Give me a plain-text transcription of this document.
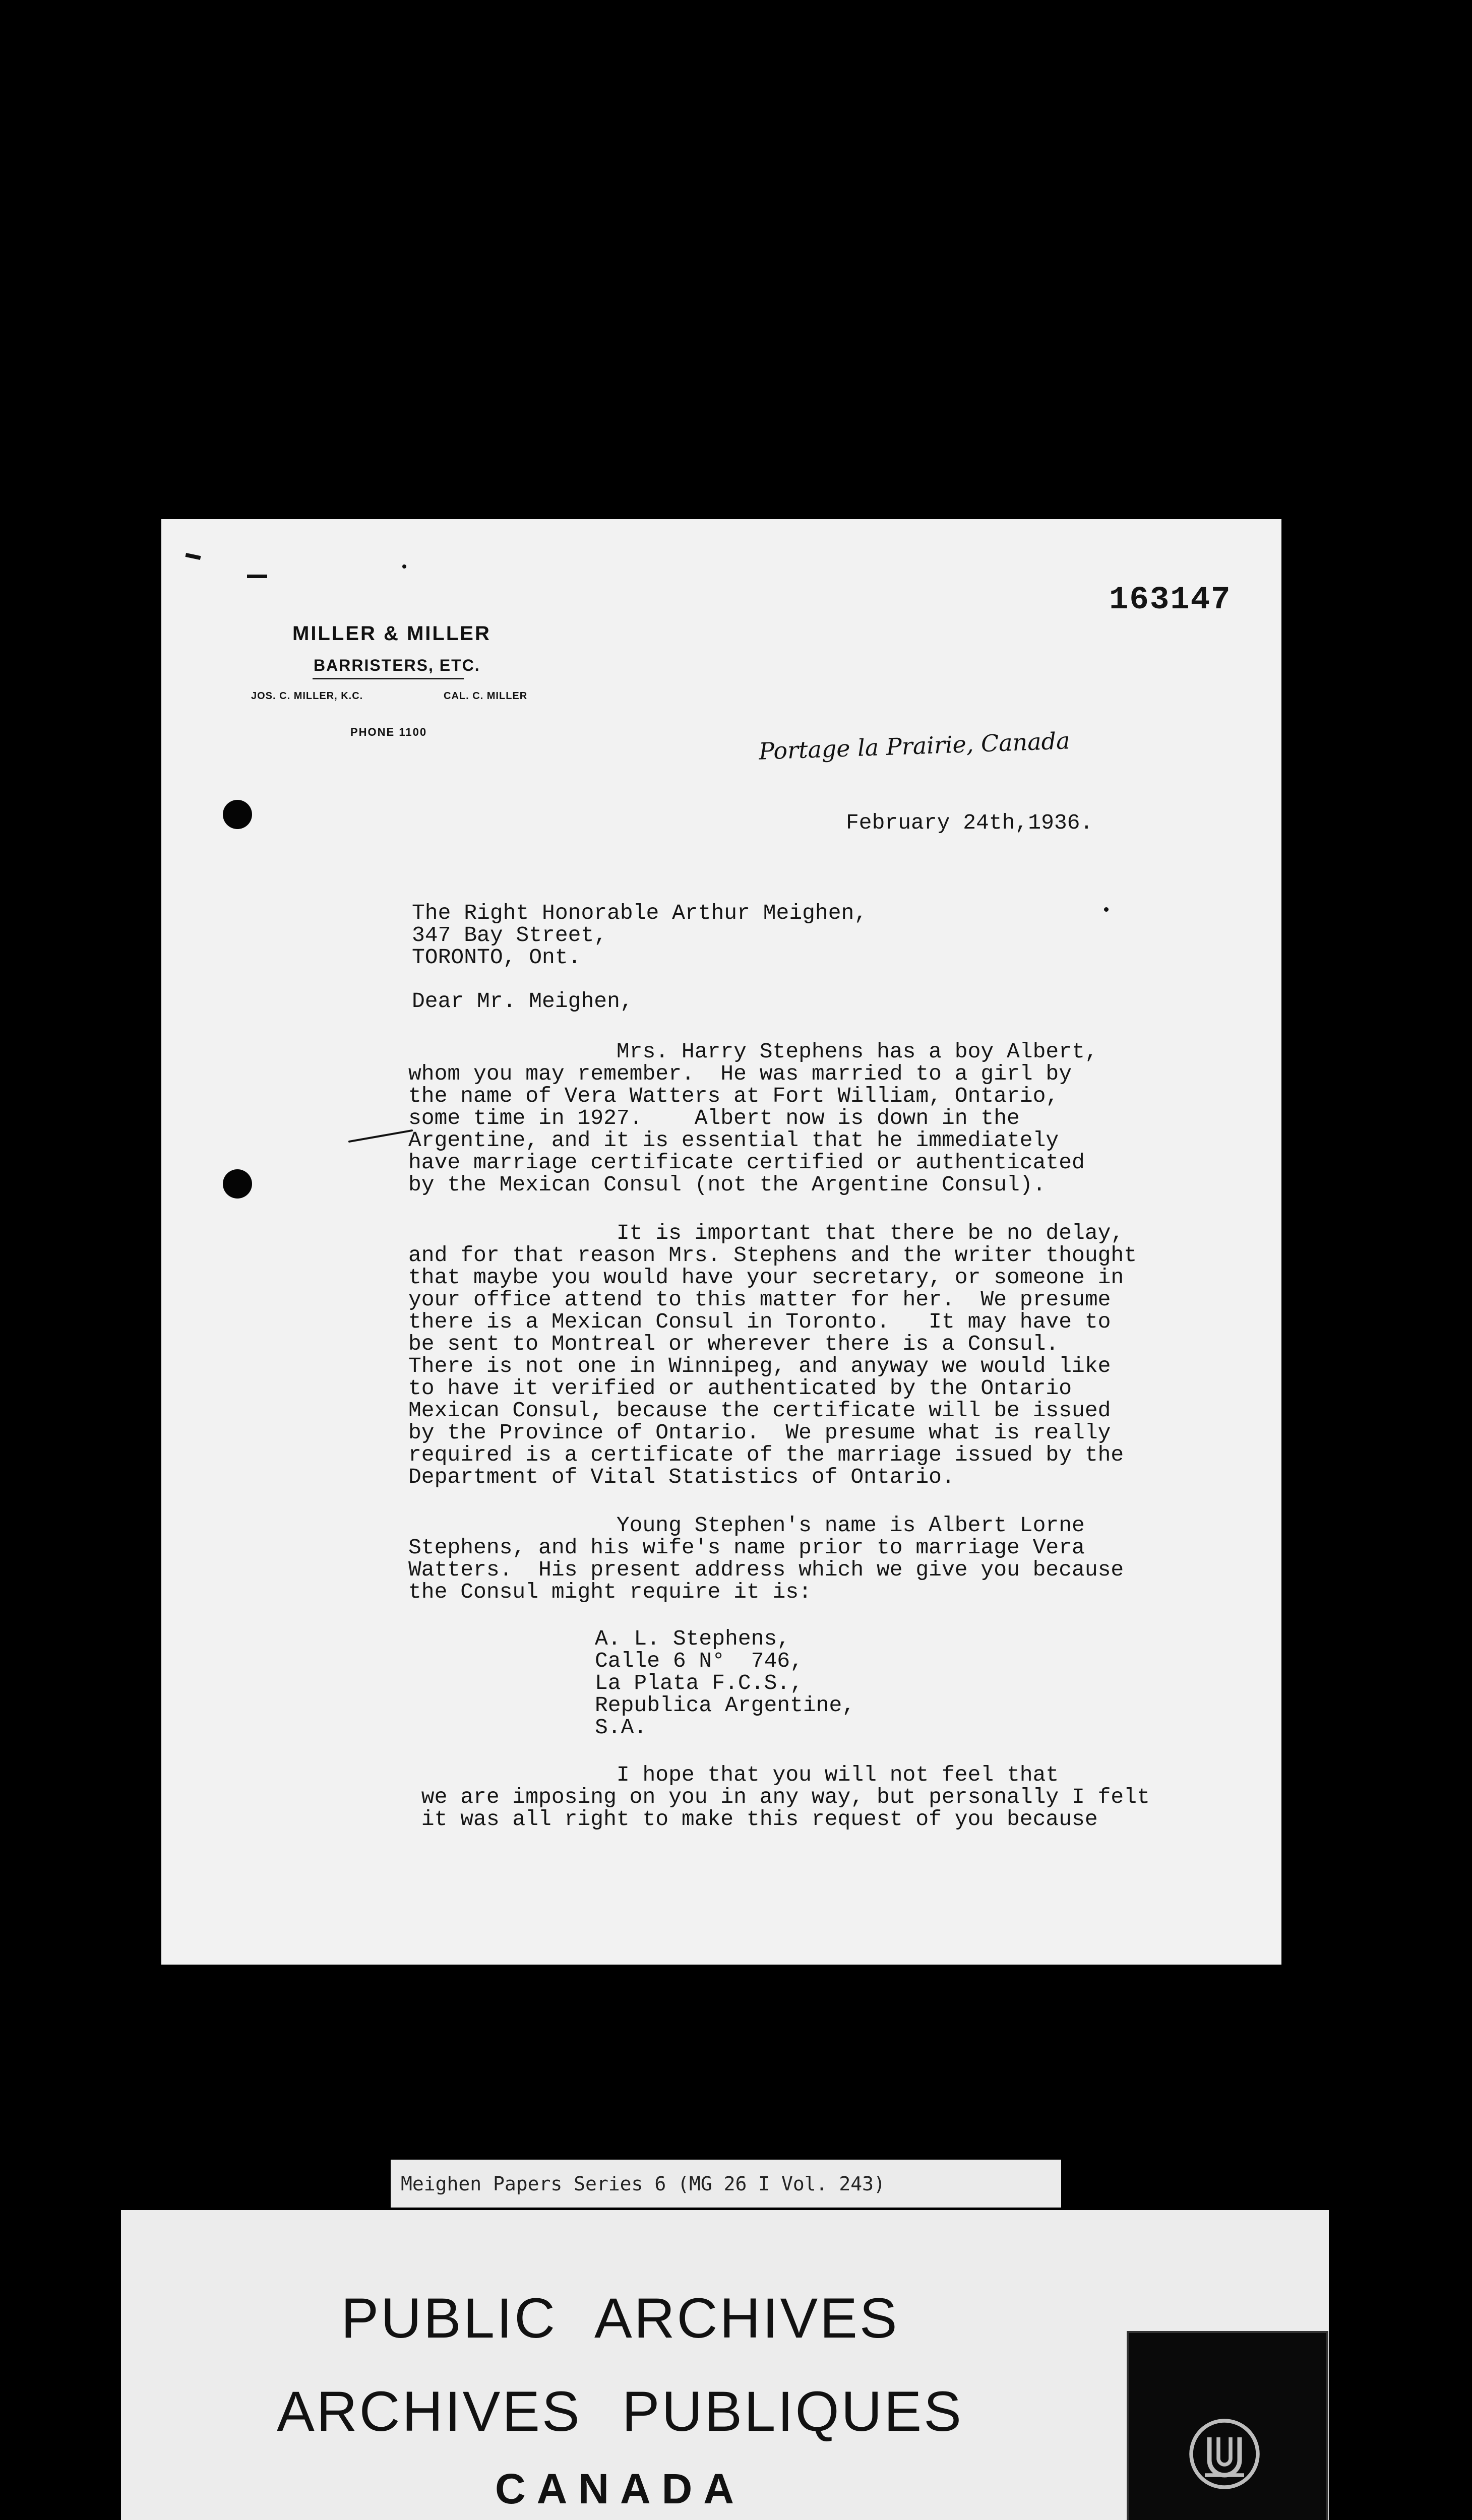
163147
MILLER & MILLER
BARRISTERS, ETC.
JOS. C. MILLER, K.C.	CAL. C. MILLER
PHONE 1100	Portage la Prairie, Canada
February 24th,1936.
The Right Honorable Arthur Meighen,
347 Bay Street,
TORONTO, Ont.
Dear Mr. Meighen,
Mrs. Harry Stephens has a boy Albert,
whom you may remember.  He was married to a girl by
the name of Vera Watters at Fort William, Ontario,
some time in 1927.    Albert now is down in the
Argentine, and it is essential that he immediately
have marriage certificate certified or authenticated
by the Mexican Consul (not the Argentine Consul).
It is important that there be no delay,
and for that reason Mrs. Stephens and the writer thought
that maybe you would have your secretary, or someone in
your office attend to this matter for her.  We presume
there is a Mexican Consul in Toronto.   It may have to
be sent to Montreal or wherever there is a Consul.
There is not one in Winnipeg, and anyway we would like
to have it verified or authenticated by the Ontario
Mexican Consul, because the certificate will be issued
by the Province of Ontario.  We presume what is really
required is a certificate of the marriage issued by the
Department of Vital Statistics of Ontario.
Young Stephen's name is Albert Lorne
Stephens, and his wife's name prior to marriage Vera
Watters.  His present address which we give you because
the Consul might require it is:
A. L. Stephens,
Calle 6 N°  746,
La Plata F.C.S.,
Republica Argentine,
S.A.
I hope that you will not feel that
we are imposing on you in any way, but personally I felt
it was all right to make this request of you because
Meighen Papers Series 6 (MG 26 I Vol. 243)
PUBLIC ARCHIVES
ARCHIVES PUBLIQUES
CANADA
